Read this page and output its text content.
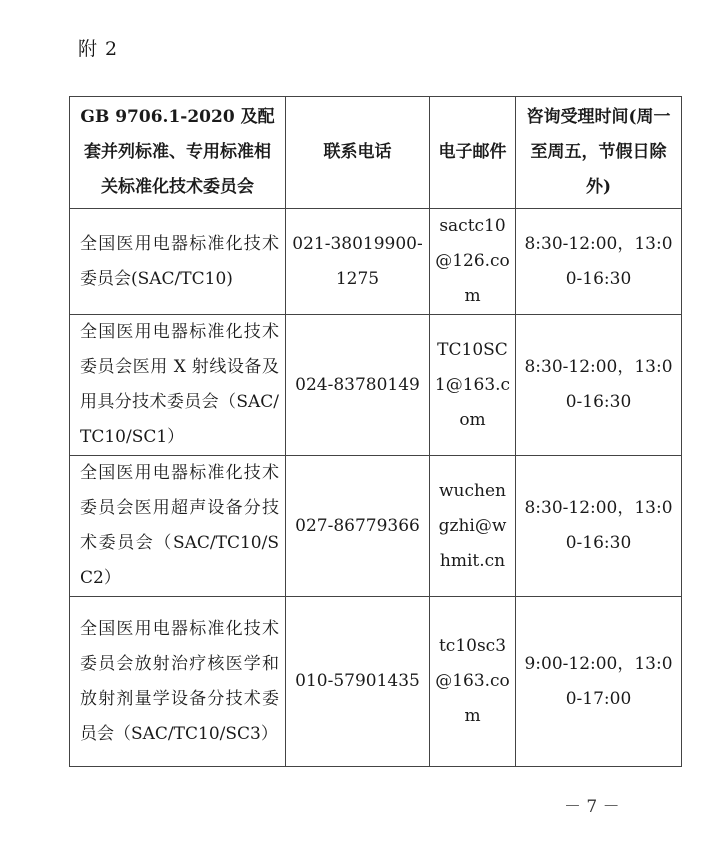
附 2
GB 9706.1-2020 及配套并列标准、专用标准相关标准化技术委员会	联系电话	电子邮件	咨询受理时间(周一至周五，节假日除外)
全国医用电器标准化技术委员会(SAC/TC10)	021-38019900-1275	sactc10@126.com	8:30-12:00，13:00-16:30
全国医用电器标准化技术委员会医用 X 射线设备及用具分技术委员会（SAC/TC10/SC1）	024-83780149	TC10SC1@163.com	8:30-12:00，13:00-16:30
全国医用电器标准化技术委员会医用超声设备分技术委员会（SAC/TC10/SC2）	027-86779366	wuchengzhi@whmit.cn	8:30-12:00，13:00-16:30
全国医用电器标准化技术委员会放射治疗核医学和放射剂量学设备分技术委员会（SAC/TC10/SC3）	010-57901435	tc10sc3@163.com	9:00-12:00，13:00-17:00
－ 7 －
